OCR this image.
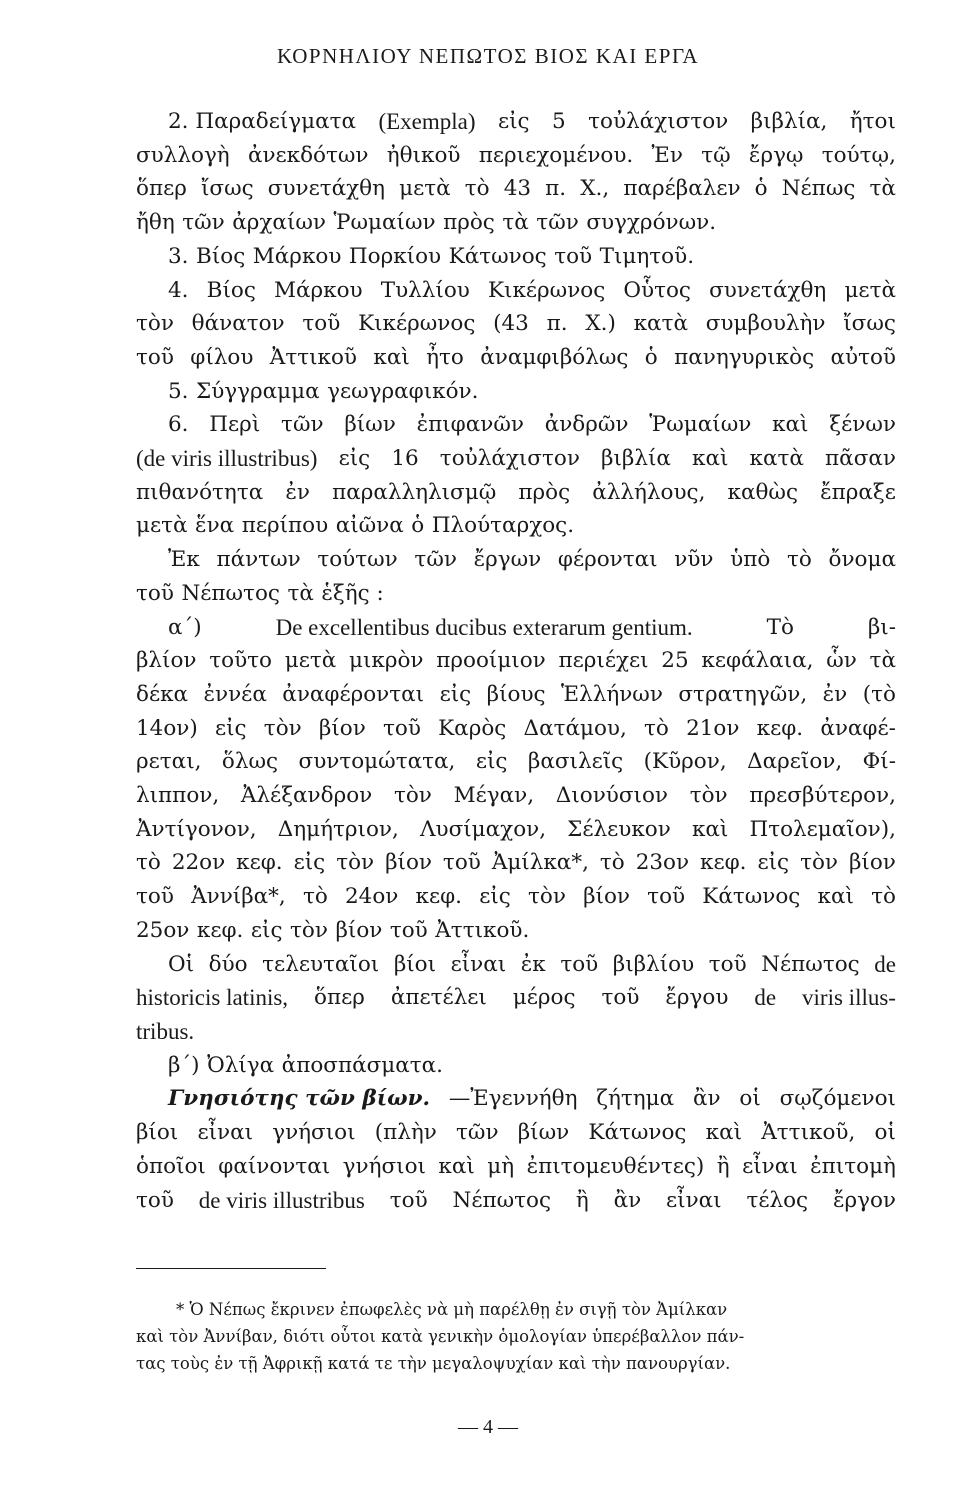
ΚΟΡΝΗΛΙΟΥ ΝΕΠΩΤΟΣ ΒΙΟΣ ΚΑΙ ΕΡΓΑ
2. Παραδείγματα (Exempla) εἰς 5 τοὐλάχιστον βιβλία, ἤτοι
συλλογὴ ἀνεκδότων ἠθικοῦ περιεχομένου. Ἐν τῷ ἔργῳ τούτῳ,
ὅπερ ἴσως συνετάχθη μετὰ τὸ 43 π. Χ., παρέβαλεν ὁ Νέπως τὰ
ἤθη τῶν ἀρχαίων Ῥωμαίων πρὸς τὰ τῶν συγχρόνων.
3. Βίος Μάρκου Πορκίου Κάτωνος τοῦ Τιμητοῦ.
4. Βίος Μάρκου Τυλλίου Κικέρωνος Οὗτος συνετάχθη μετὰ
τὸν θάνατον τοῦ Κικέρωνος (43 π. Χ.) κατὰ συμβουλὴν ἴσως
τοῦ φίλου Ἀττικοῦ καὶ ἦτο ἀναμφιβόλως ὁ πανηγυρικὸς αὐτοῦ
5. Σύγγραμμα γεωγραφικόν.
6. Περὶ τῶν βίων ἐπιφανῶν ἀνδρῶν Ῥωμαίων καὶ ξένων
(de viris illustribus) εἰς 16 τοὐλάχιστον βιβλία καὶ κατὰ πᾶσαν
πιθανότητα ἐν παραλληλισμῷ πρὸς ἀλλήλους, καθὼς ἔπραξε
μετὰ ἕνα περίπου αἰῶνα ὁ Πλούταρχος.
Ἐκ πάντων τούτων τῶν ἔργων φέρονται νῦν ὑπὸ τὸ ὄνομα
τοῦ Νέπωτος τὰ ἑξῆς :
α΄)	De excellentibus ducibus exterarum gentium.	Τὸ	βι-
βλίον τοῦτο μετὰ μικρὸν προοίμιον περιέχει 25 κεφάλαια, ὧν τὰ
δέκα ἐννέα ἀναφέρονται εἰς βίους Ἑλλήνων στρατηγῶν, ἐν (τὸ
14ον) εἰς τὸν βίον τοῦ Καρὸς Δατάμου, τὸ 21ον κεφ. ἀναφέ-
ρεται, ὅλως συντομώτατα, εἰς βασιλεῖς (Κῦρον, Δαρεῖον, Φί-
λιππον, Ἀλέξανδρον τὸν Μέγαν, Διονύσιον τὸν πρεσβύτερον,
Ἀντίγονον, Δημήτριον, Λυσίμαχον, Σέλευκον καὶ Πτολεμαῖον),
τὸ 22ον κεφ. εἰς τὸν βίον τοῦ Ἀμίλκα*, τὸ 23ον κεφ. εἰς τὸν βίον
τοῦ Ἀννίβα*, τὸ 24ον κεφ. εἰς τὸν βίον τοῦ Κάτωνος καὶ τὸ
25ον κεφ. εἰς τὸν βίον τοῦ Ἀττικοῦ.
Οἱ δύο τελευταῖοι βίοι εἶναι ἐκ τοῦ βιβλίου τοῦ Νέπωτος de
historicis latinis, ὅπερ ἀπετέλει μέρος τοῦ ἔργου de viris illus-
tribus.
β΄) Ὀλίγα ἀποσπάσματα.
Γνησιότης τῶν βίων. —Ἐγεννήθη ζήτημα ἂν οἱ σῳζόμενοι
βίοι εἶναι γνήσιοι (πλὴν τῶν βίων Κάτωνος καὶ Ἀττικοῦ, οἱ
ὁποῖοι φαίνονται γνήσιοι καὶ μὴ ἐπιτομευθέντες) ἢ εἶναι ἐπιτομὴ
τοῦ de viris illustribus τοῦ Νέπωτος ἢ ἂν εἶναι τέλος ἔργον
* Ὁ Νέπως ἔκρινεν ἐπωφελὲς νὰ μὴ παρέλθῃ ἐν σιγῇ τὸν Ἀμίλκαν
καὶ τὸν Ἀννίβαν, διότι οὗτοι κατὰ γενικὴν ὁμολογίαν ὑπερέβαλλον πάν-
τας τοὺς ἐν τῇ Ἀφρικῇ κατά τε τὴν μεγαλοψυχίαν καὶ τὴν πανουργίαν.
— 4 —
